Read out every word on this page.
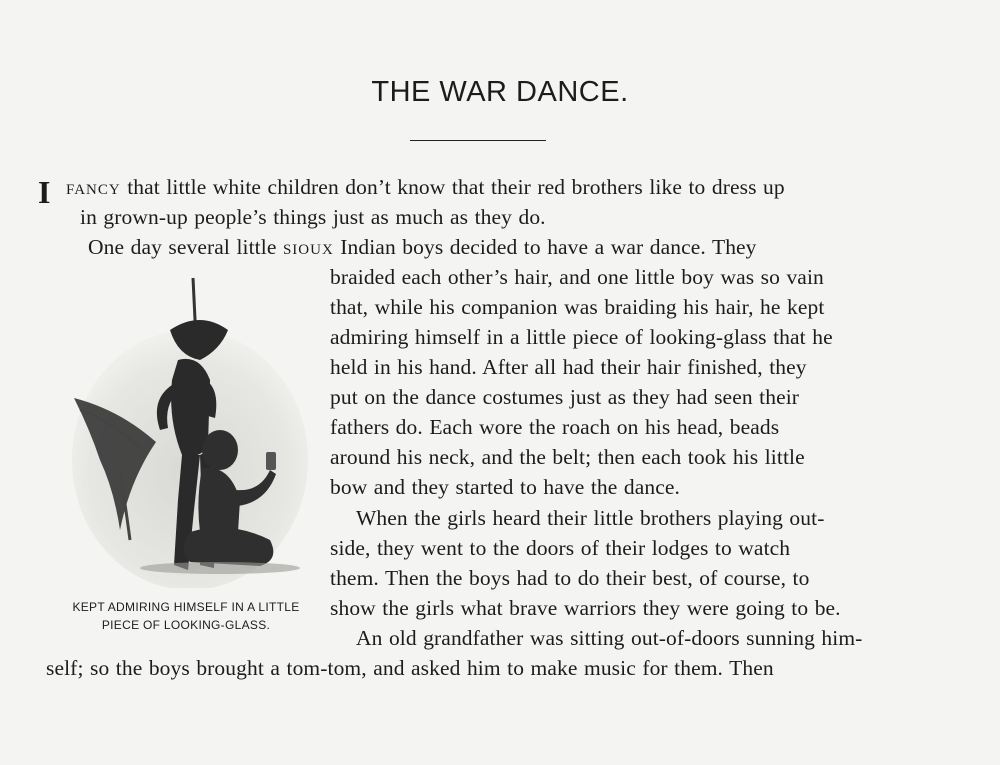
THE WAR DANCE.
I FANCY that little white children don’t know that their red brothers like to dress up
in grown-up people’s things just as much as they do.
One day several little SIOUX Indian boys decided to have a war dance. They
braided each other’s hair, and one little boy was so vain
that, while his companion was braiding his hair, he kept
admiring himself in a little piece of looking-glass that he
held in his hand. After all had their hair finished, they
put on the dance costumes just as they had seen their
fathers do. Each wore the roach on his head, beads
around his neck, and the belt; then each took his little
bow and they started to have the dance.
When the girls heard their little brothers playing out-
side, they went to the doors of their lodges to watch
them. Then the boys had to do their best, of course, to
show the girls what brave warriors they were going to be.
An old grandfather was sitting out-of-doors sunning him-
self; so the boys brought a tom-tom, and asked him to make music for them. Then
KEPT ADMIRING HIMSELF IN A LITTLE
PIECE OF LOOKING-GLASS.
